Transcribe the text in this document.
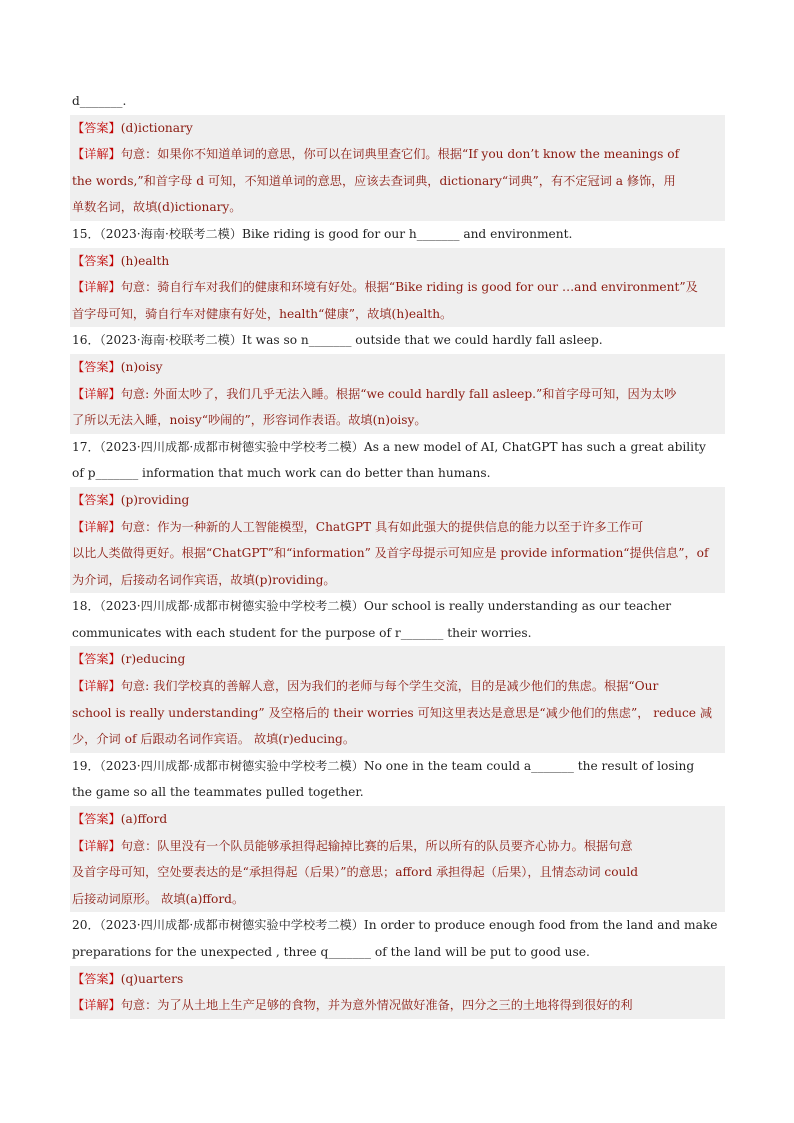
d_______.
【答案】(d)ictionary
【详解】句意：如果你不知道单词的意思，你可以在词典里查它们。根据“If you don’t know the meanings of
the words,”和首字母 d 可知，不知道单词的意思，应该去查词典，dictionary“词典”，有不定冠词 a 修饰，用
单数名词，故填(d)ictionary。
15．（2023·海南·校联考二模）Bike riding is good for our h_______ and environment.
【答案】(h)ealth
【详解】句意：骑自行车对我们的健康和环境有好处。根据“Bike riding is good for our …and environment”及
首字母可知，骑自行车对健康有好处，health“健康”，故填(h)ealth。
16．（2023·海南·校联考二模）It was so n_______ outside that we could hardly fall asleep.
【答案】(n)oisy
【详解】句意: 外面太吵了，我们几乎无法入睡。根据“we could hardly fall asleep.”和首字母可知，因为太吵
了所以无法入睡，noisy“吵闹的”，形容词作表语。故填(n)oisy。
17．（2023·四川成都·成都市树德实验中学校考二模）As a new model of AI, ChatGPT has such a great ability
of p_______ information that much work can do better than humans.
【答案】(p)roviding
【详解】句意：作为一种新的人工智能模型，ChatGPT 具有如此强大的提供信息的能力以至于许多工作可
以比人类做得更好。根据“ChatGPT”和“information” 及首字母提示可知应是 provide information“提供信息”，of
为介词，后接动名词作宾语，故填(p)roviding。
18．（2023·四川成都·成都市树德实验中学校考二模）Our school is really understanding as our teacher
communicates with each student for the purpose of r_______ their worries.
【答案】(r)educing
【详解】句意: 我们学校真的善解人意，因为我们的老师与每个学生交流，目的是减少他们的焦虑。根据“Our
school is really understanding” 及空格后的 their worries 可知这里表达是意思是“减少他们的焦虑”， reduce 减
少，介词 of 后跟动名词作宾语。 故填(r)educing。
19．（2023·四川成都·成都市树德实验中学校考二模）No one in the team could a_______ the result of losing
the game so all the teammates pulled together.
【答案】(a)fford
【详解】句意：队里没有一个队员能够承担得起输掉比赛的后果，所以所有的队员要齐心协力。根据句意
及首字母可知，空处要表达的是“承担得起（后果）”的意思；afford 承担得起（后果），且情态动词 could
后接动词原形。 故填(a)fford。
20．（2023·四川成都·成都市树德实验中学校考二模）In order to produce enough food from the land and make
preparations for the unexpected , three q_______ of the land will be put to good use.
【答案】(q)uarters
【详解】句意：为了从土地上生产足够的食物，并为意外情况做好准备，四分之三的土地将得到很好的利
